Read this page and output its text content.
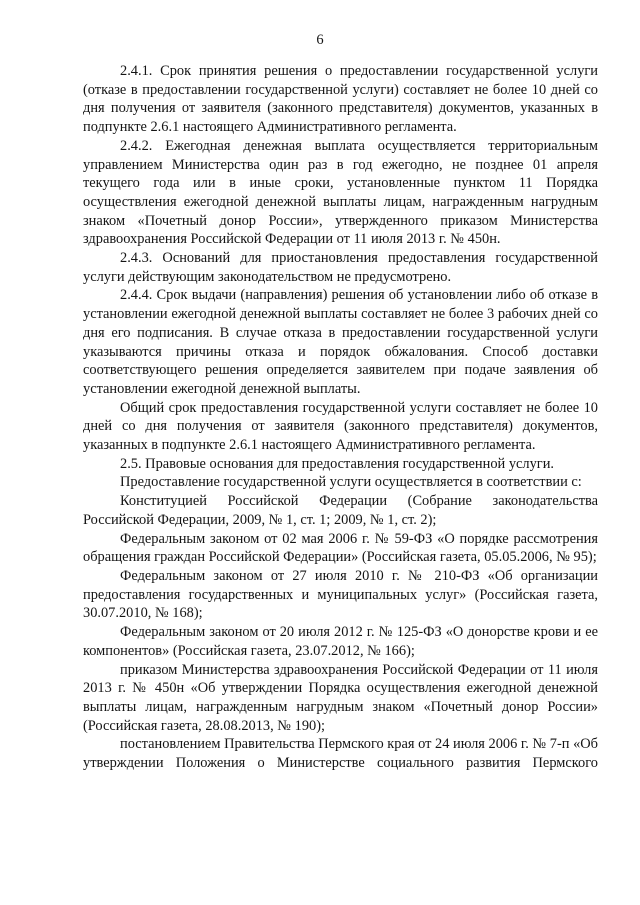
6

2.4.1. Срок принятия решения о предоставлении государственной услуги (отказе в предоставлении государственной услуги) составляет не более 10 дней со дня получения от заявителя (законного представителя) документов, указанных в подпункте 2.6.1 настоящего Административного регламента.

2.4.2. Ежегодная денежная выплата осуществляется территориальным управлением Министерства один раз в год ежегодно, не позднее 01 апреля текущего года или в иные сроки, установленные пунктом 11 Порядка осуществления ежегодной денежной выплаты лицам, награжденным нагрудным знаком «Почетный донор России», утвержденного приказом Министерства здравоохранения Российской Федерации от 11 июля 2013 г. № 450н.

2.4.3. Оснований для приостановления предоставления государственной услуги действующим законодательством не предусмотрено.

2.4.4. Срок выдачи (направления) решения об установлении либо об отказе в установлении ежегодной денежной выплаты составляет не более 3 рабочих дней со дня его подписания. В случае отказа в предоставлении государственной услуги указываются причины отказа и порядок обжалования. Способ доставки соответствующего решения определяется заявителем при подаче заявления об установлении ежегодной денежной выплаты.

Общий срок предоставления государственной услуги составляет не более 10 дней со дня получения от заявителя (законного представителя) документов, указанных в подпункте 2.6.1 настоящего Административного регламента.

2.5. Правовые основания для предоставления государственной услуги.

Предоставление государственной услуги осуществляется в соответствии с:

Конституцией Российской Федерации (Собрание законодательства Российской Федерации, 2009, № 1, ст. 1; 2009, № 1, ст. 2);

Федеральным законом от 02 мая 2006 г. № 59-ФЗ «О порядке рассмотрения обращения граждан Российской Федерации» (Российская газета, 05.05.2006, № 95);

Федеральным законом от 27 июля 2010 г. № 210-ФЗ «Об организации предоставления государственных и муниципальных услуг» (Российская газета, 30.07.2010, № 168);

Федеральным законом от 20 июля 2012 г. № 125-ФЗ «О донорстве крови и ее компонентов» (Российская газета, 23.07.2012, № 166);

приказом Министерства здравоохранения Российской Федерации от 11 июля 2013 г. № 450н «Об утверждении Порядка осуществления ежегодной денежной выплаты лицам, награжденным нагрудным знаком «Почетный донор России» (Российская газета, 28.08.2013, № 190);

постановлением Правительства Пермского края от 24 июля 2006 г. № 7-п «Об утверждении Положения о Министерстве социального развития Пермского
